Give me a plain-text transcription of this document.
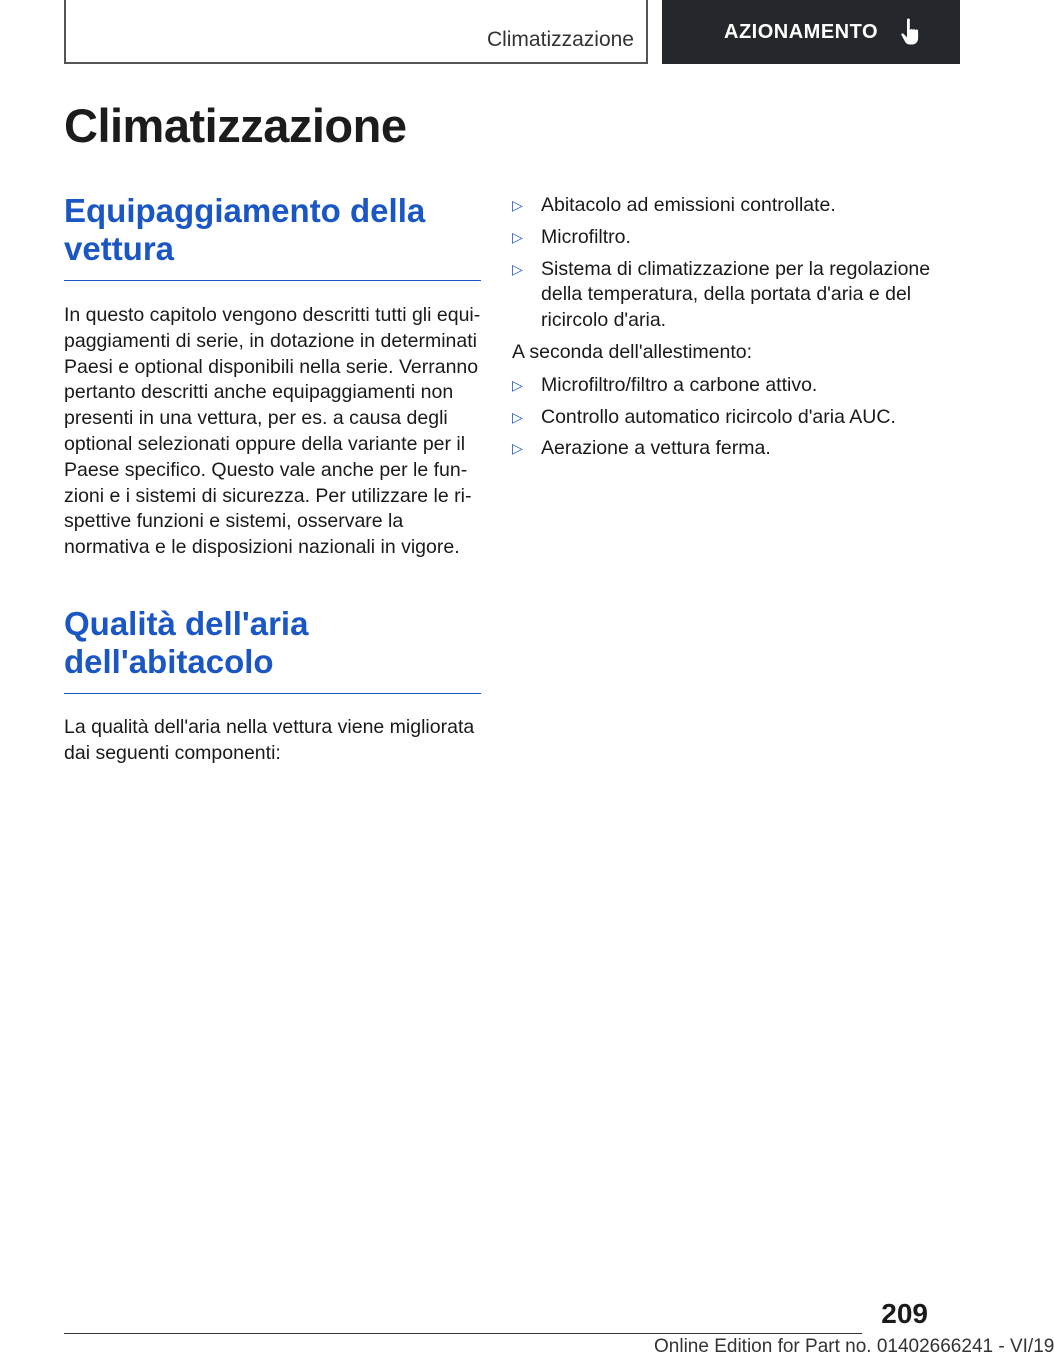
Climatizzazione	AZIONAMENTO
Climatizzazione
Equipaggiamento della vettura

In questo capitolo vengono descritti tutti gli equipaggiamenti di serie, in dotazione in determinati Paesi e optional disponibili nella serie. Verranno pertanto descritti anche equipaggiamenti non presenti in una vettura, per es. a causa degli optional selezionati oppure della variante per il Paese specifico. Questo vale anche per le funzioni e i sistemi di sicurezza. Per utilizzare le rispettive funzioni e sistemi, osservare la normativa e le disposizioni nazionali in vigore.

Qualità dell'aria dell'abitacolo

La qualità dell'aria nella vettura viene migliorata dai seguenti componenti:

▷ Abitacolo ad emissioni controllate.
▷ Microfiltro.
▷ Sistema di climatizzazione per la regolazione della temperatura, della portata d'aria e del ricircolo d'aria.

A seconda dell'allestimento:

▷ Microfiltro/filtro a carbone attivo.
▷ Controllo automatico ricircolo d'aria AUC.
▷ Aerazione a vettura ferma.
209
Online Edition for Part no. 01402666241 - VI/19
